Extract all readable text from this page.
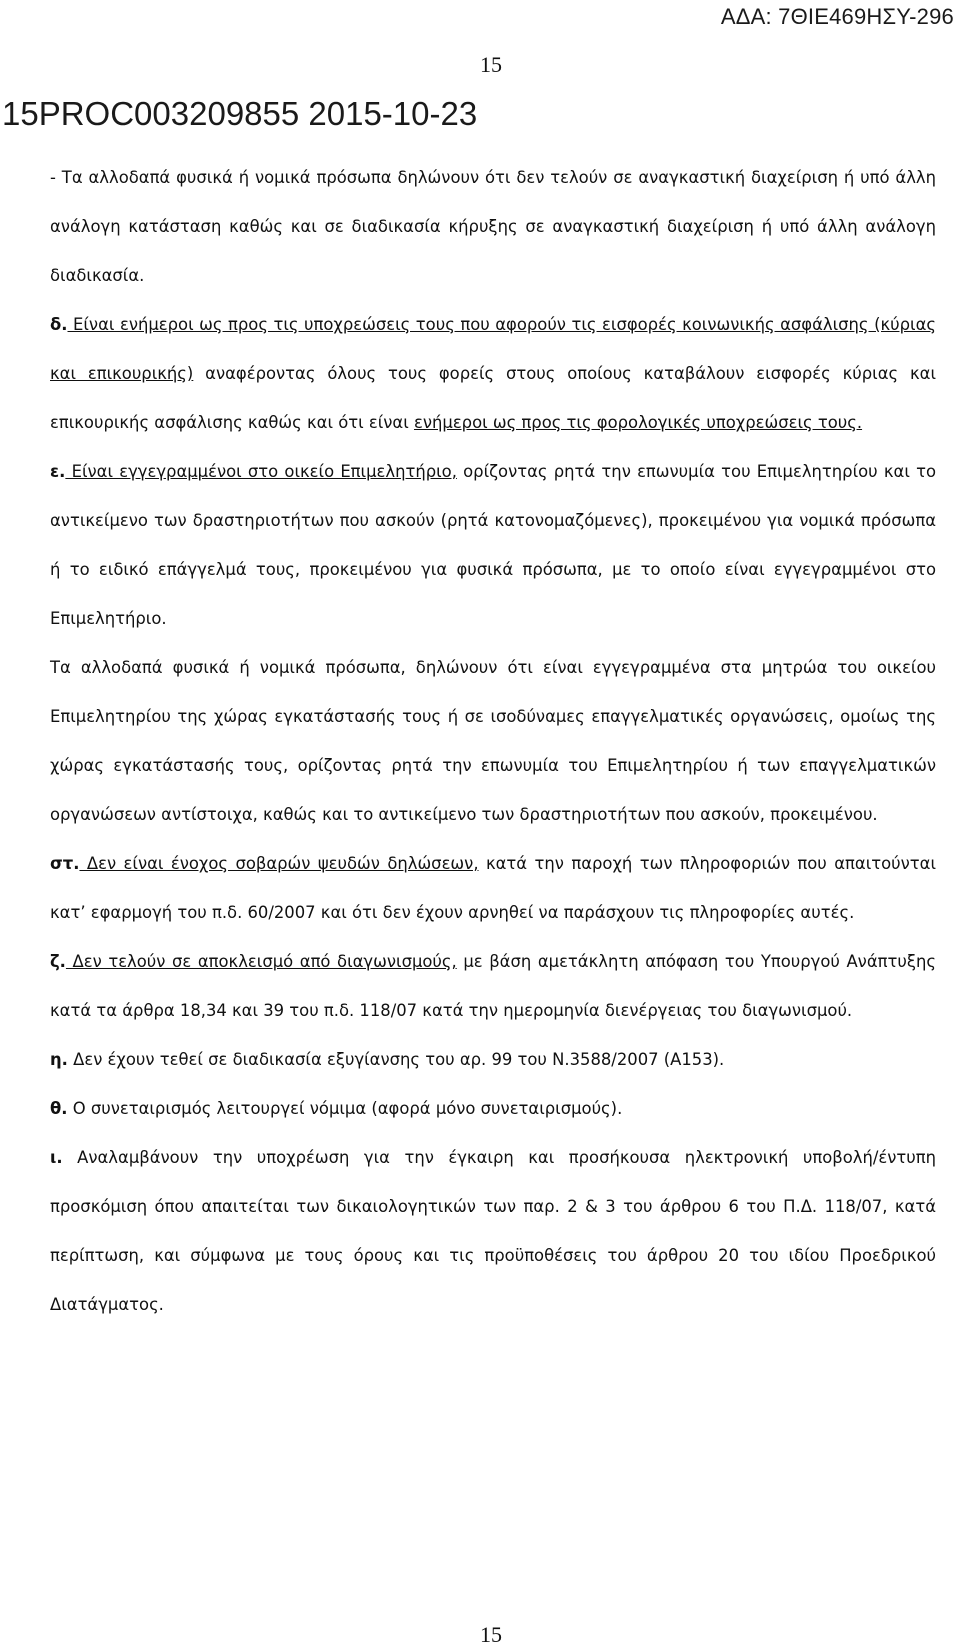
ΑΔΑ: 7ΘΙΕ469ΗΣΥ-296
15
15PROC003209855 2015-10-23

- Τα αλλοδαπά φυσικά ή νομικά πρόσωπα δηλώνουν ότι δεν τελούν σε αναγκαστική διαχείριση ή υπό άλλη ανάλογη κατάσταση καθώς και σε διαδικασία κήρυξης σε αναγκαστική διαχείριση ή υπό άλλη ανάλογη διαδικασία.

δ. Είναι ενήμεροι ως προς τις υποχρεώσεις τους που αφορούν τις εισφορές κοινωνικής ασφάλισης (κύριας και επικουρικής) αναφέροντας όλους τους φορείς στους οποίους καταβάλουν εισφορές κύριας και επικουρικής ασφάλισης καθώς και ότι είναι ενήμεροι ως προς τις φορολογικές υποχρεώσεις τους.

ε. Είναι εγγεγραμμένοι στο οικείο Επιμελητήριο, ορίζοντας ρητά την επωνυμία του Επιμελητηρίου και το αντικείμενο των δραστηριοτήτων που ασκούν (ρητά κατονομαζόμενες), προκειμένου για νομικά πρόσωπα ή το ειδικό επάγγελμά τους, προκειμένου για φυσικά πρόσωπα, με το οποίο είναι εγγεγραμμένοι στο Επιμελητήριο.

Τα αλλοδαπά φυσικά ή νομικά πρόσωπα, δηλώνουν ότι είναι εγγεγραμμένα στα μητρώα του οικείου Επιμελητηρίου της χώρας εγκατάστασής τους ή σε ισοδύναμες επαγγελματικές οργανώσεις, ομοίως της χώρας εγκατάστασής τους, ορίζοντας ρητά την επωνυμία του Επιμελητηρίου ή των επαγγελματικών οργανώσεων αντίστοιχα, καθώς και το αντικείμενο των δραστηριοτήτων που ασκούν, προκειμένου.

στ. Δεν είναι ένοχος σοβαρών ψευδών δηλώσεων, κατά την παροχή των πληροφοριών που απαιτούνται κατ’ εφαρμογή του π.δ. 60/2007 και ότι δεν έχουν αρνηθεί να παράσχουν τις πληροφορίες αυτές.

ζ. Δεν τελούν σε αποκλεισμό από διαγωνισμούς, με βάση αμετάκλητη απόφαση του Υπουργού Ανάπτυξης κατά τα άρθρα 18,34 και 39 του π.δ. 118/07 κατά την ημερομηνία διενέργειας του διαγωνισμού.

η. Δεν έχουν τεθεί σε διαδικασία εξυγίανσης του αρ. 99 του Ν.3588/2007 (Α153).

θ. Ο συνεταιρισμός λειτουργεί νόμιμα (αφορά μόνο συνεταιρισμούς).

ι. Αναλαμβάνουν την υποχρέωση για την έγκαιρη και προσήκουσα ηλεκτρονική υποβολή/έντυπη προσκόμιση όπου απαιτείται των δικαιολογητικών των παρ. 2 & 3 του άρθρου 6 του Π.Δ. 118/07, κατά περίπτωση, και σύμφωνα με τους όρους και τις προϋποθέσεις του άρθρου 20 του ιδίου Προεδρικού Διατάγματος.

15
